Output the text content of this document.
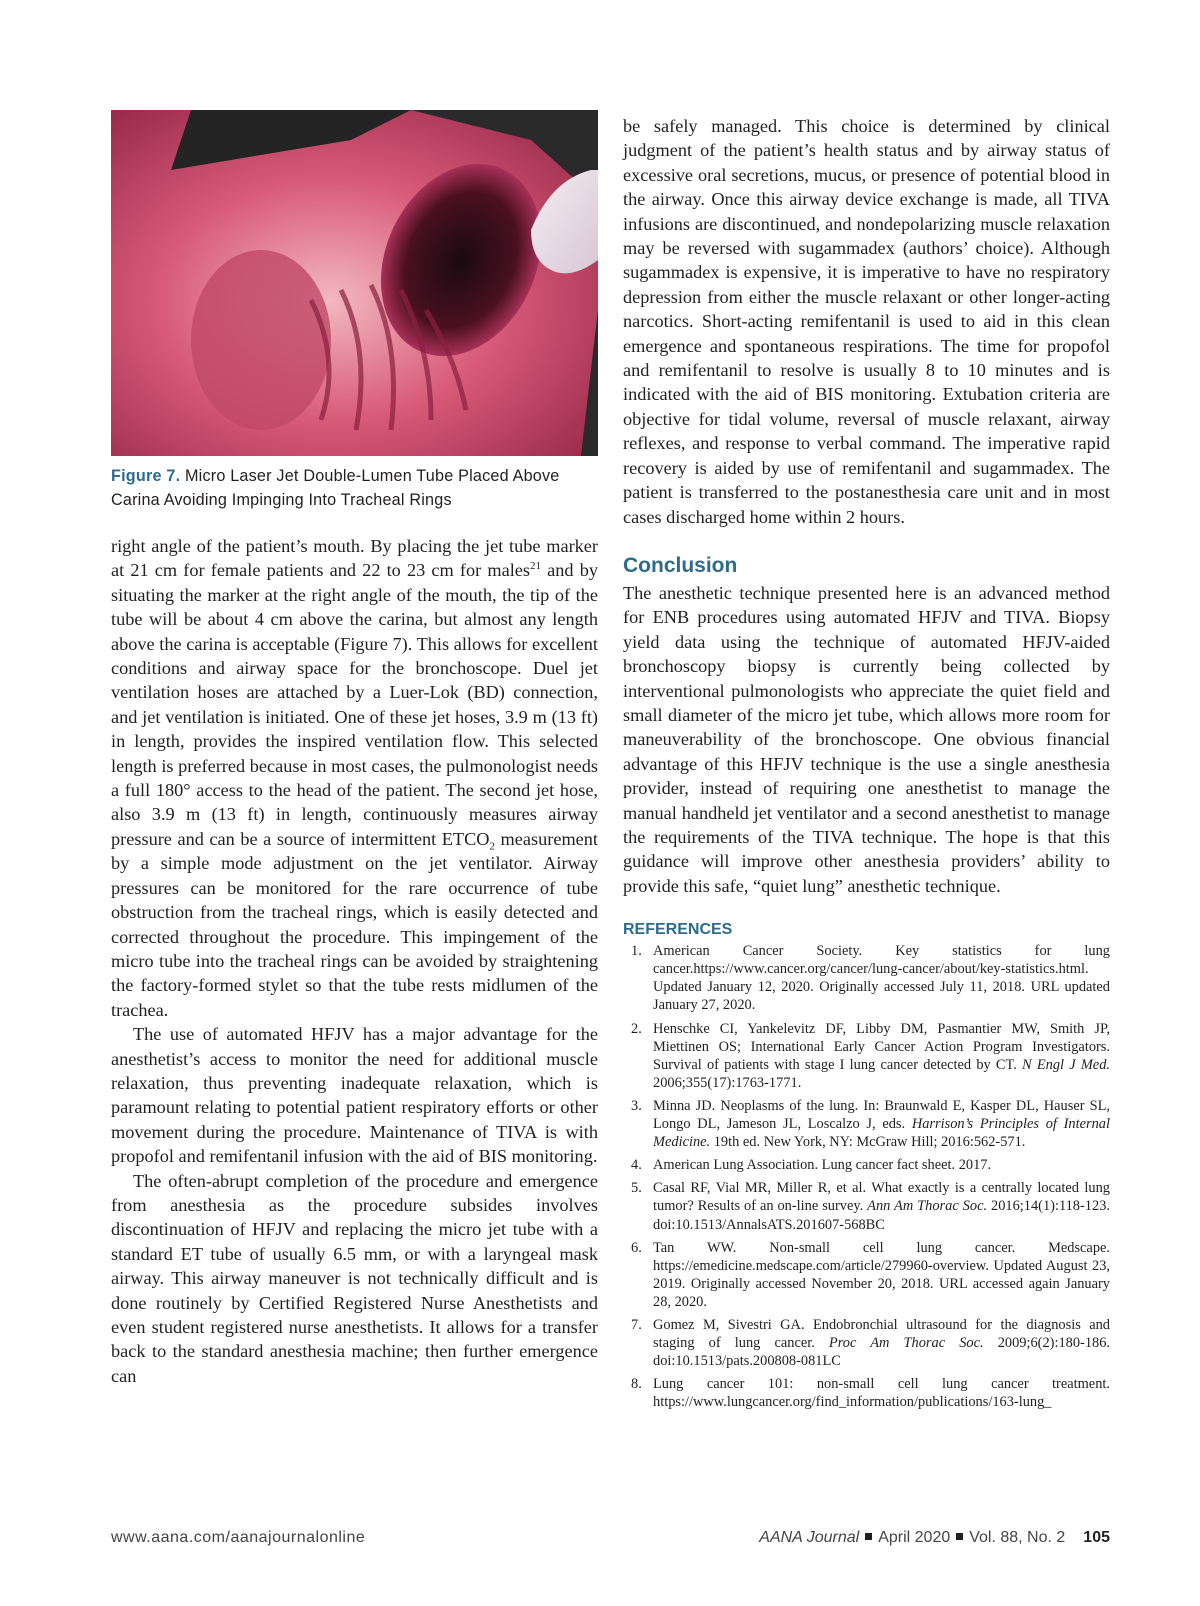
Figure 7. Micro Laser Jet Double-Lumen Tube Placed Above Carina Avoiding Impinging Into Tracheal Rings

right angle of the patient’s mouth. By placing the jet tube marker at 21 cm for female patients and 22 to 23 cm for males$^{21}$ and by situating the marker at the right angle of the mouth, the tip of the tube will be about 4 cm above the carina, but almost any length above the carina is acceptable (Figure 7). This allows for excellent conditions and airway space for the bronchoscope. Duel jet ventilation hoses are attached by a Luer-Lok (BD) connection, and jet ventilation is initiated. One of these jet hoses, 3.9 m (13 ft) in length, provides the inspired ventilation flow. This selected length is preferred because in most cases, the pulmonologist needs a full 180° access to the head of the patient. The second jet hose, also 3.9 m (13 ft) in length, continuously measures airway pressure and can be a source of intermittent $ETCO_2$ measurement by a simple mode adjustment on the jet ventilator. Airway pressures can be monitored for the rare occurrence of tube obstruction from the tracheal rings, which is easily detected and corrected throughout the procedure. This impingement of the micro tube into the tracheal rings can be avoided by straightening the factory-formed stylet so that the tube rests midlumen of the trachea.

The use of automated HFJV has a major advantage for the anesthetist’s access to monitor the need for additional muscle relaxation, thus preventing inadequate relaxation, which is paramount relating to potential patient respiratory efforts or other movement during the procedure. Maintenance of TIVA is with propofol and remifentanil infusion with the aid of BIS monitoring.

The often-abrupt completion of the procedure and emergence from anesthesia as the procedure subsides involves discontinuation of HFJV and replacing the micro jet tube with a standard ET tube of usually 6.5 mm, or with a laryngeal mask airway. This airway maneuver is not technically difficult and is done routinely by Certified Registered Nurse Anesthetists and even student registered nurse anesthetists. It allows for a transfer back to the standard anesthesia machine; then further emergence can

be safely managed. This choice is determined by clinical judgment of the patient’s health status and by airway status of excessive oral secretions, mucus, or presence of potential blood in the airway. Once this airway device exchange is made, all TIVA infusions are discontinued, and nondepolarizing muscle relaxation may be reversed with sugammadex (authors’ choice). Although sugammadex is expensive, it is imperative to have no respiratory depression from either the muscle relaxant or other longer-acting narcotics. Short-acting remifentanil is used to aid in this clean emergence and spontaneous respirations. The time for propofol and remifentanil to resolve is usually 8 to 10 minutes and is indicated with the aid of BIS monitoring. Extubation criteria are objective for tidal volume, reversal of muscle relaxant, airway reflexes, and response to verbal command. The imperative rapid recovery is aided by use of remifentanil and sugammadex. The patient is transferred to the postanesthesia care unit and in most cases discharged home within 2 hours.

Conclusion

The anesthetic technique presented here is an advanced method for ENB procedures using automated HFJV and TIVA. Biopsy yield data using the technique of automated HFJV-aided bronchoscopy biopsy is currently being collected by interventional pulmonologists who appreciate the quiet field and small diameter of the micro jet tube, which allows more room for maneuverability of the bronchoscope. One obvious financial advantage of this HFJV technique is the use a single anesthesia provider, instead of requiring one anesthetist to manage the manual handheld jet ventilator and a second anesthetist to manage the requirements of the TIVA technique. The hope is that this guidance will improve other anesthesia providers’ ability to provide this safe, “quiet lung” anesthetic technique.

REFERENCES
1. American Cancer Society. Key statistics for lung cancer.https://www.cancer.org/cancer/lung-cancer/about/key-statistics.html. Updated January 12, 2020. Originally accessed July 11, 2018. URL updated January 27, 2020.
2. Henschke CI, Yankelevitz DF, Libby DM, Pasmantier MW, Smith JP, Miettinen OS; International Early Cancer Action Program Investigators. Survival of patients with stage I lung cancer detected by CT. N Engl J Med. 2006;355(17):1763-1771.
3. Minna JD. Neoplasms of the lung. In: Braunwald E, Kasper DL, Hauser SL, Longo DL, Jameson JL, Loscalzo J, eds. Harrison’s Principles of Internal Medicine. 19th ed. New York, NY: McGraw Hill; 2016:562-571.
4. American Lung Association. Lung cancer fact sheet. 2017.
5. Casal RF, Vial MR, Miller R, et al. What exactly is a centrally located lung tumor? Results of an on-line survey. Ann Am Thorac Soc. 2016;14(1):118-123. doi:10.1513/AnnalsATS.201607-568BC
6. Tan WW. Non-small cell lung cancer. Medscape. https://emedicine.medscape.com/article/279960-overview. Updated August 23, 2019. Originally accessed November 20, 2018. URL accessed again January 28, 2020.
7. Gomez M, Sivestri GA. Endobronchial ultrasound for the diagnosis and staging of lung cancer. Proc Am Thorac Soc. 2009;6(2):180-186. doi:10.1513/pats.200808-081LC
8. Lung cancer 101: non-small cell lung cancer treatment. https://www.lungcancer.org/find_information/publications/163-lung_
www.aana.com/aanajournalonline	AANA Journal April 2020 Vol. 88, No. 2 105
